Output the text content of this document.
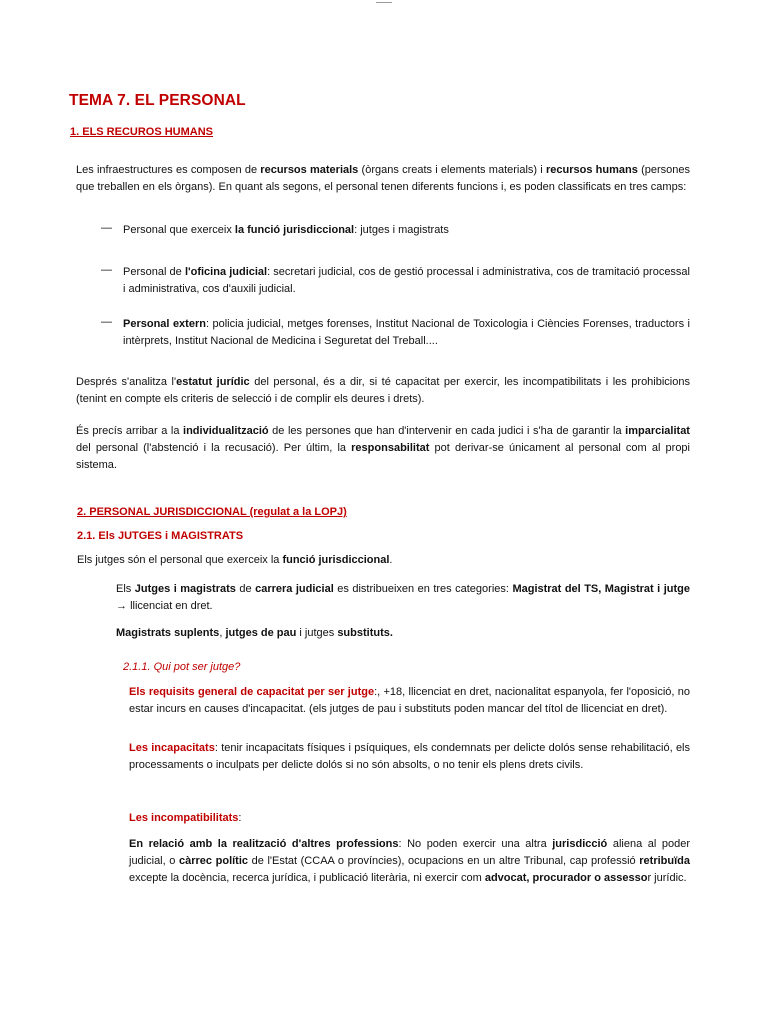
TEMA 7. EL PERSONAL
1. ELS RECUROS HUMANS

Les infraestructures es composen de recursos materials (òrgans creats i elements materials) i recursos humans (persones que treballen en els òrgans). En quant als segons, el personal tenen diferents funcions i, es poden classificats en tres camps:

— Personal que exerceix la funció jurisdiccional: jutges i magistrats

— Personal de l'oficina judicial: secretari judicial, cos de gestió processal i administrativa, cos de tramitació processal i administrativa, cos d'auxili judicial.

— Personal extern: policia judicial, metges forenses, Institut Nacional de Toxicologia i Ciències Forenses, traductors i intèrprets, Institut Nacional de Medicina i Seguretat del Treball....

Després s'analitza l'estatut jurídic del personal, és a dir, si té capacitat per exercir, les incompatibilitats i les prohibicions (tenint en compte els criteris de selecció i de complir els deures i drets).

És precís arribar a la individualització de les persones que han d'intervenir en cada judici i s'ha de garantir la imparcialitat del personal (l'abstenció i la recusació). Per últim, la responsabilitat pot derivar-se únicament al personal com al propi sistema.

2. PERSONAL JURISDICCIONAL (regulat a la LOPJ)
2.1. Els JUTGES i MAGISTRATS

Els jutges són el personal que exerceix la funció jurisdiccional.

Els Jutges i magistrats de carrera judicial es distribueixen en tres categories: Magistrat del TS, Magistrat i jutge → llicenciat en dret.

Magistrats suplents, jutges de pau i jutges substituts.

2.1.1. Qui pot ser jutge?

Els requisits general de capacitat per ser jutge:, +18, llicenciat en dret, nacionalitat espanyola, fer l'oposició, no estar incurs en causes d'incapacitat. (els jutges de pau i substituts poden mancar del títol de llicenciat en dret).

Les incapacitats: tenir incapacitats físiques i psíquiques, els condemnats per delicte dolós sense rehabilitació, els processaments o inculpats per delicte dolós si no són absolts, o no tenir els plens drets civils.

Les incompatibilitats:

En relació amb la realització d'altres professions: No poden exercir una altra jurisdicció aliena al poder judicial, o càrrec polític de l'Estat (CCAA o províncies), ocupacions en un altre Tribunal, cap professió retribuïda excepte la docència, recerca jurídica, i publicació literària, ni exercir com advocat, procurador o assessor jurídic.
